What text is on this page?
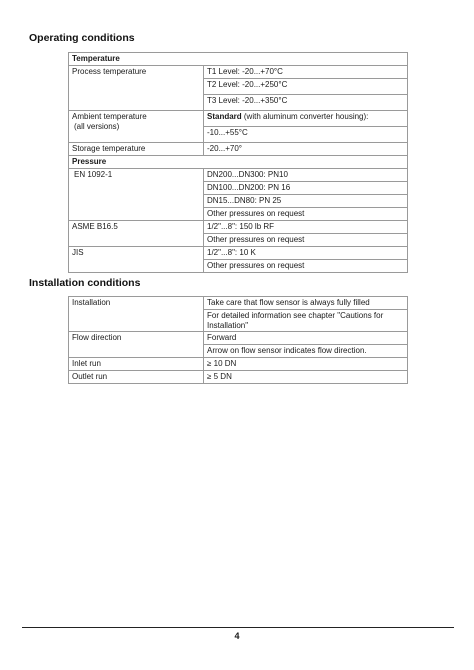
Operating conditions
Temperature	
Process temperature	T1 Level: -20...+70°C
	T2 Level: -20...+250°C
	T3 Level: -20...+350°C

Ambient temperature
(all versions)	Standard (with aluminum converter housing):
	-10...+55°C
Storage temperature	-20...+70°
Pressure	
EN 1092-1	DN200...DN300: PN10
	DN100...DN200: PN 16
	DN15...DN80: PN 25
	Other pressures on request
ASME B16.5	1/2"...8": 150 lb RF
	Other pressures on request
JIS	1/2"...8": 10 K
	Other pressures on request
Installation conditions
Installation	Take care that flow sensor is always fully filled
	For detailed information see chapter "Cautions for Installation"
Flow direction	Forward
	Arrow on flow sensor indicates flow direction.
Inlet run	≥ 10 DN
Outlet run	≥ 5 DN
4
